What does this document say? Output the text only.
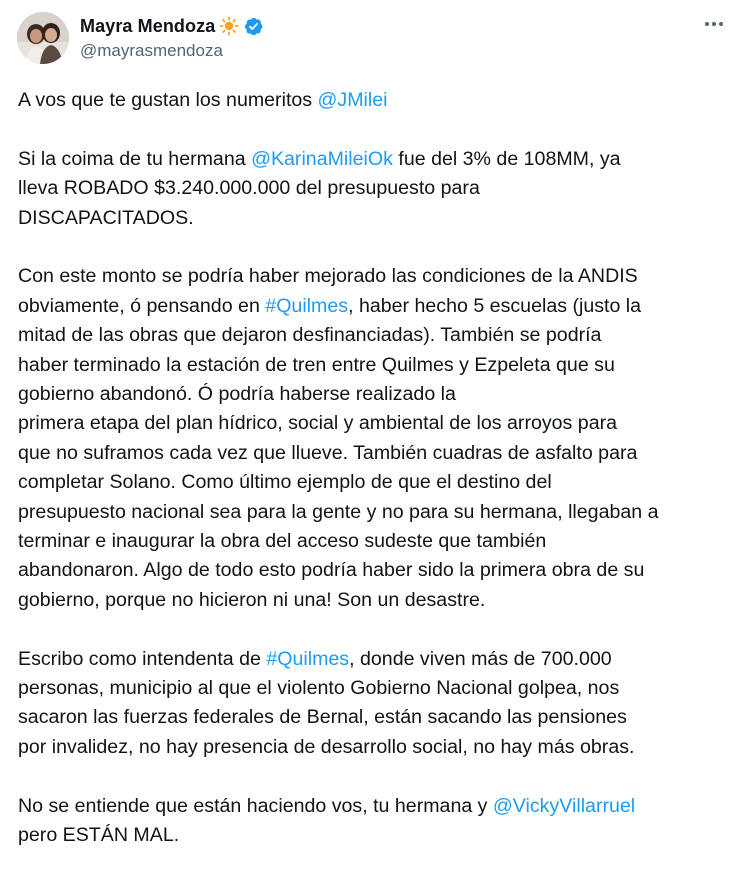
Mayra Mendoza
@mayrasmendoza
A vos que te gustan los numeritos @JMilei
Si la coima de tu hermana @KarinaMileiOk fue del 3% de 108MM, ya
lleva ROBADO $3.240.000.000 del presupuesto para
DISCAPACITADOS.
Con este monto se podría haber mejorado las condiciones de la ANDIS
obviamente, ó pensando en #Quilmes, haber hecho 5 escuelas (justo la
mitad de las obras que dejaron desfinanciadas). También se podría
haber terminado la estación de tren entre Quilmes y Ezpeleta que su
gobierno abandonó. Ó podría haberse realizado la
primera etapa del plan hídrico, social y ambiental de los arroyos para
que no suframos cada vez que llueve. También cuadras de asfalto para
completar Solano. Como último ejemplo de que el destino del
presupuesto nacional sea para la gente y no para su hermana, llegaban a
terminar e inaugurar la obra del acceso sudeste que también
abandonaron. Algo de todo esto podría haber sido la primera obra de su
gobierno, porque no hicieron ni una! Son un desastre.
Escribo como intendenta de #Quilmes, donde viven más de 700.000
personas, municipio al que el violento Gobierno Nacional golpea, nos
sacaron las fuerzas federales de Bernal, están sacando las pensiones
por invalidez, no hay presencia de desarrollo social, no hay más obras.
No se entiende que están haciendo vos, tu hermana y @VickyVillarruel
pero ESTÁN MAL.
